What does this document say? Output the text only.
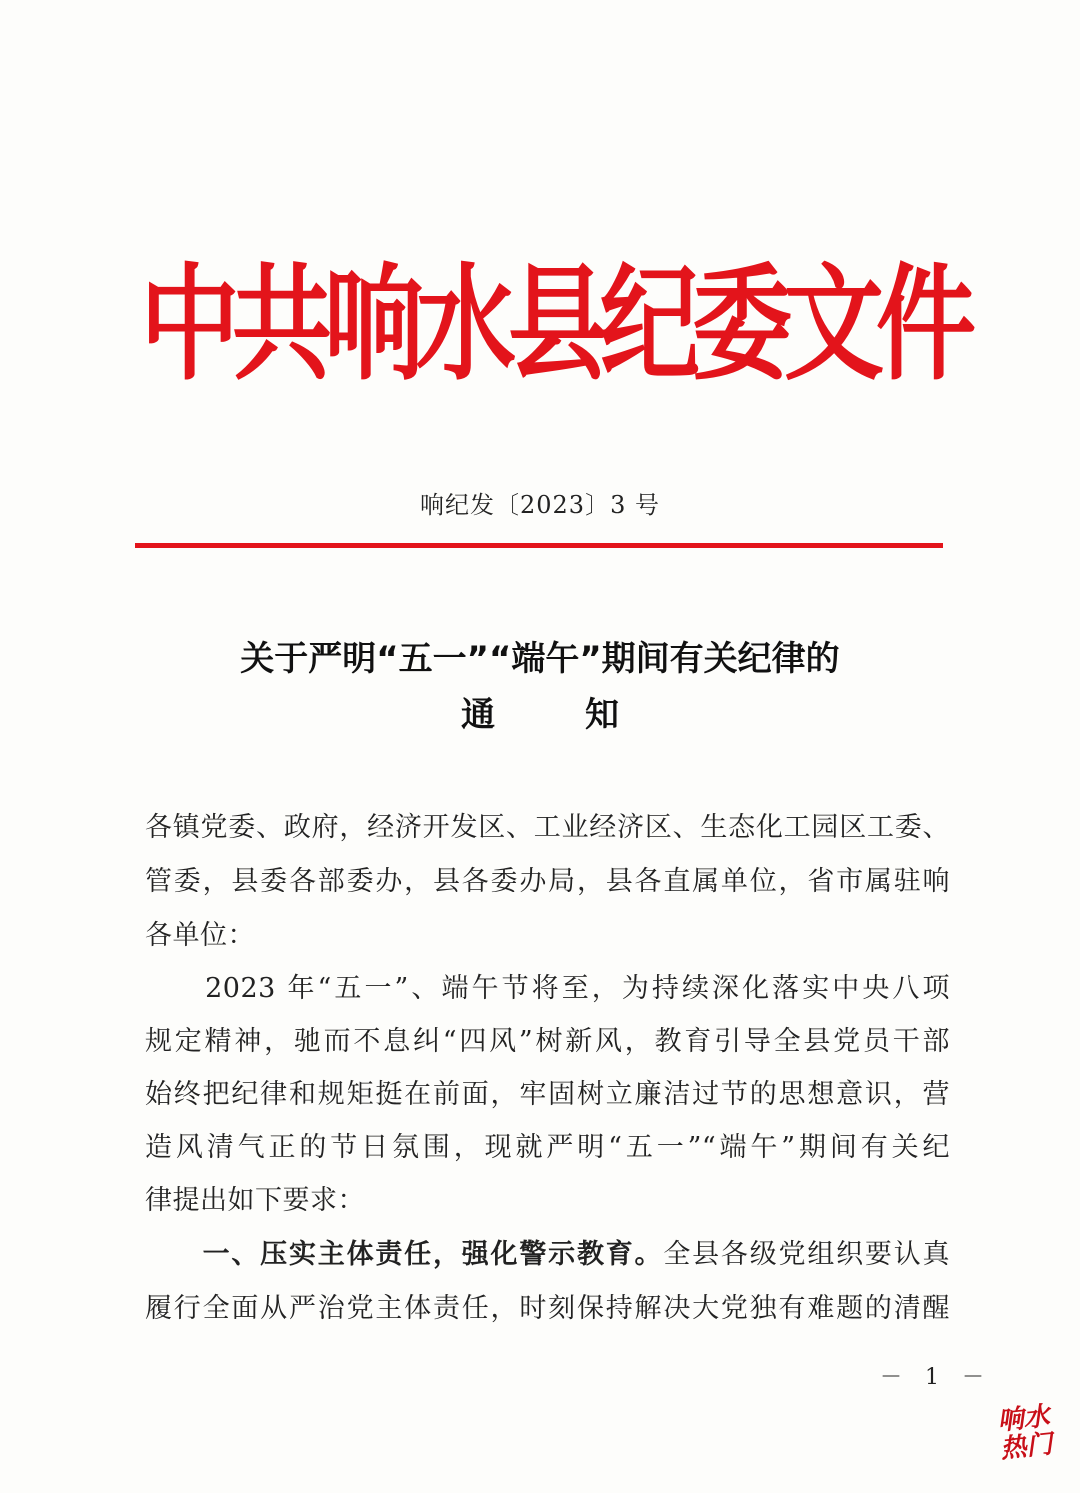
中共响水县纪委文件
响纪发〔2023〕3 号
关于严明“五一”“端午”期间有关纪律的
通知
各镇党委、政府，经济开发区、工业经济区、生态化工园区工委、
管委，县委各部委办，县各委办局，县各直属单位，省市属驻响
各单位：
　　2023 年“五一”、端午节将至，为持续深化落实中央八项
规定精神，驰而不息纠“四风”树新风，教育引导全县党员干部
始终把纪律和规矩挺在前面，牢固树立廉洁过节的思想意识，营
造风清气正的节日氛围，现就严明“五一”“端午”期间有关纪
律提出如下要求：
　　一、压实主体责任，强化警示教育。全县各级党组织要认真
履行全面从严治党主体责任，时刻保持解决大党独有难题的清醒
－ 1 －
响水
热门
